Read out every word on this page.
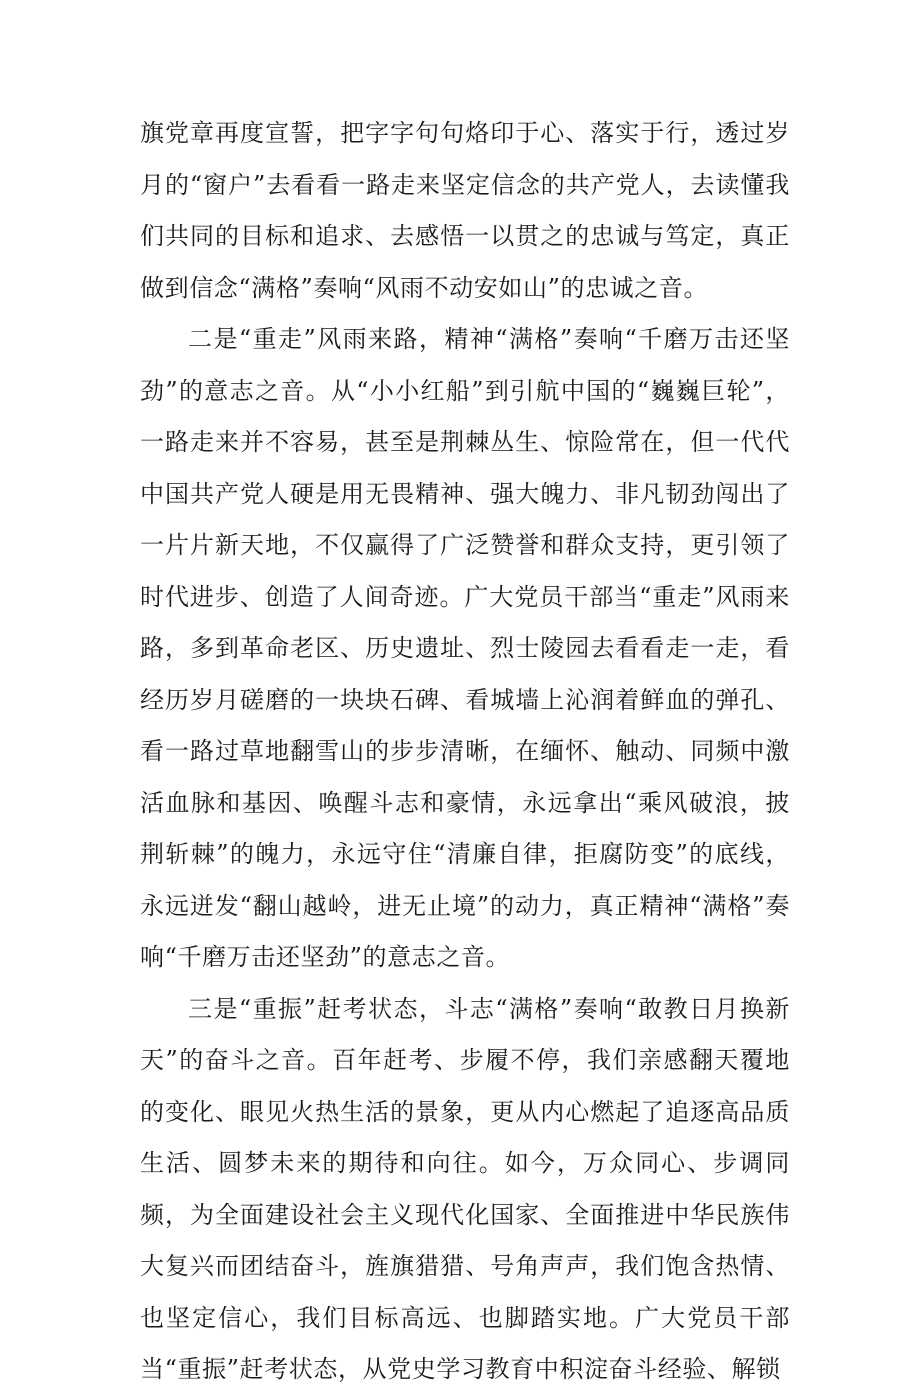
旗党章再度宣誓，把字字句句烙印于心、落实于行，透过岁月的“窗户”去看看一路走来坚定信念的共产党人，去读懂我们共同的目标和追求、去感悟一以贯之的忠诚与笃定，真正做到信念“满格”奏响“风雨不动安如山”的忠诚之音。

二是“重走”风雨来路，精神“满格”奏响“千磨万击还坚劲”的意志之音。从“小小红船”到引航中国的“巍巍巨轮”，一路走来并不容易，甚至是荆棘丛生、惊险常在，但一代代中国共产党人硬是用无畏精神、强大魄力、非凡韧劲闯出了一片片新天地，不仅赢得了广泛赞誉和群众支持，更引领了时代进步、创造了人间奇迹。广大党员干部当“重走”风雨来路，多到革命老区、历史遗址、烈士陵园去看看走一走，看经历岁月磋磨的一块块石碑、看城墙上沁润着鲜血的弹孔、看一路过草地翻雪山的步步清晰，在缅怀、触动、同频中激活血脉和基因、唤醒斗志和豪情，永远拿出“乘风破浪，披荆斩棘”的魄力，永远守住“清廉自律，拒腐防变”的底线，永远迸发“翻山越岭，进无止境”的动力，真正精神“满格”奏响“千磨万击还坚劲”的意志之音。

三是“重振”赶考状态，斗志“满格”奏响“敢教日月换新天”的奋斗之音。百年赶考、步履不停，我们亲感翻天覆地的变化、眼见火热生活的景象，更从内心燃起了追逐高品质生活、圆梦未来的期待和向往。如今，万众同心、步调同频，为全面建设社会主义现代化国家、全面推进中华民族伟大复兴而团结奋斗，旌旗猎猎、号角声声，我们饱含热情、也坚定信心，我们目标高远、也脚踏实地。广大党员干部当“重振”赶考状态，从党史学习教育中积淀奋斗经验、解锁
